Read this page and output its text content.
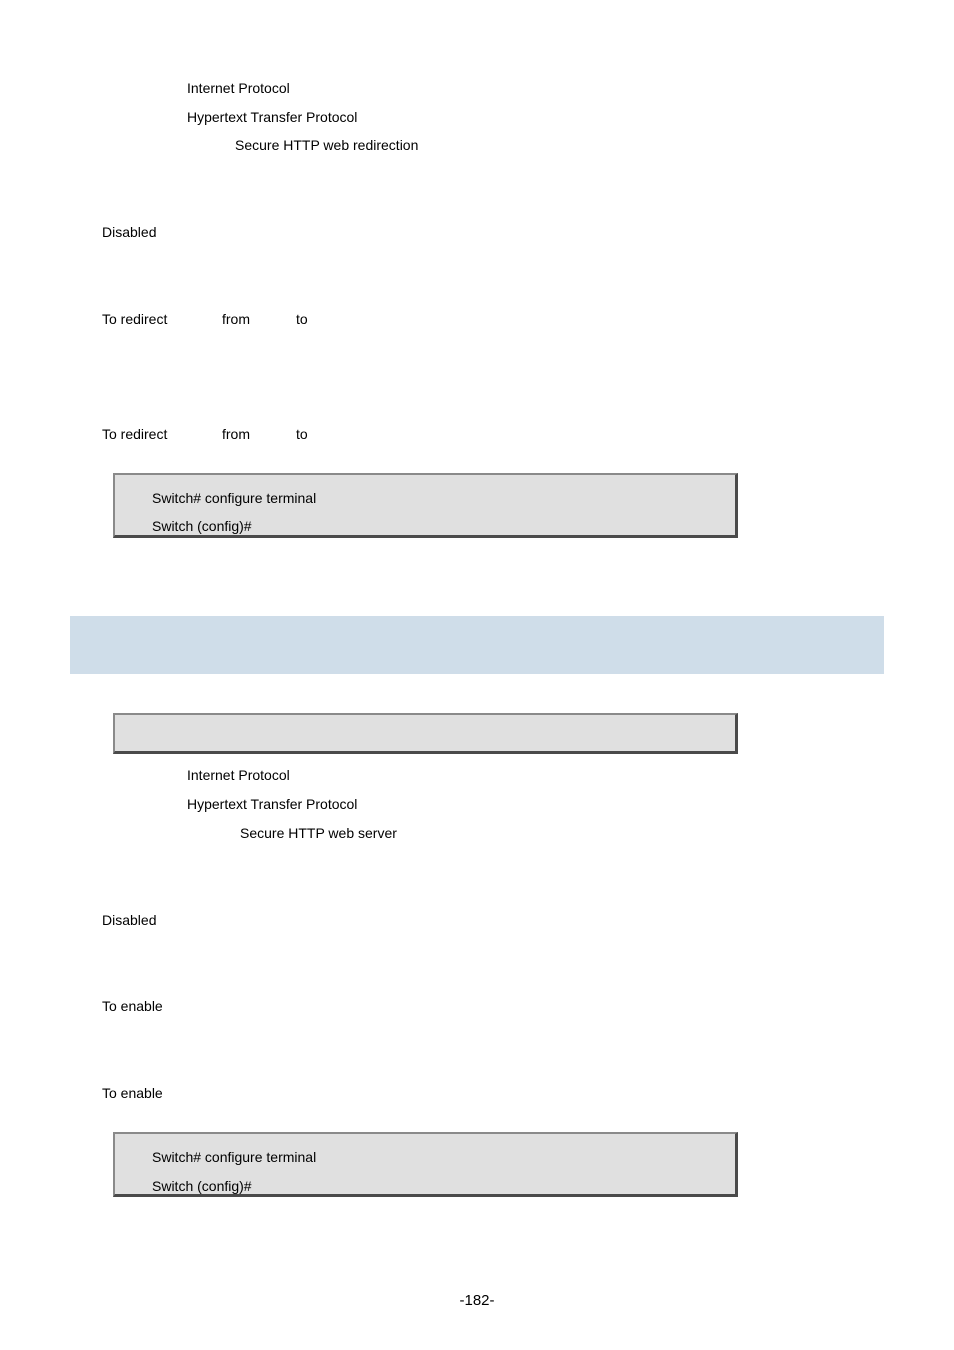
Internet Protocol
Hypertext Transfer Protocol
Secure HTTP web redirection
Disabled
To redirect	from	to
To redirect	from	to
Switch# configure terminal
Switch (config)#
Internet Protocol
Hypertext Transfer Protocol
Secure HTTP web server
Disabled
To enable
To enable
Switch# configure terminal
Switch (config)#
-182-
